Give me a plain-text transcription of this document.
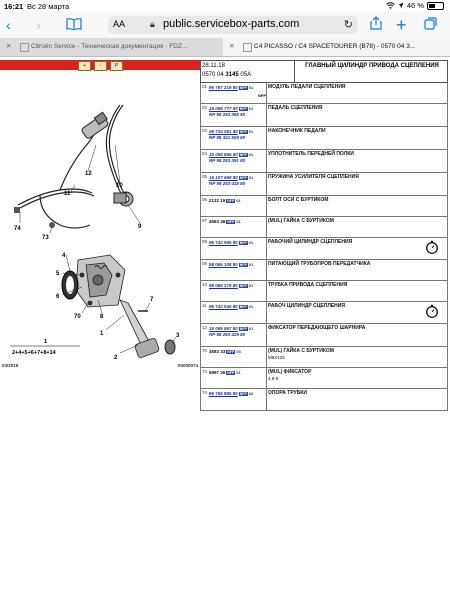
16:21 Вс 28 марта	46 %
‹ ›	AA	🔒︎ public.servicebox-parts.com	↻ +
✕	Citroën Service - Техническая документация - FDZ...	✕	C4 PICASSO / C4 SPACETOURER (B78) - 0570 04 3...
+	-	P
11
12
10
74
73
9
4
5
6
70	8
7
1
2
3
1
2+4+5+6+7+8+14
03/2016	00000074
28.11.18
0570 04 3145 05A
ГЛАВНЫЙ ЦИЛИНДР ПРИВОДА СЦЕПЛЕНИЯ
01 96 767 219 80 NFP 01
NFP
МОДУЛЬ ПЕДАЛИ СЦЕПЛЕНИЯ
02 16 096 777 80 NFP 01
RP 98 283 385 80
ПЕДАЛЬ СЦЕПЛЕНИЯ
03 96 734 061 80 NFP 01
RP 98 321 559 80
НАКОНЕЧНИК ПЕДАЛИ
04 16 095 866 80 NFP 01
RP 98 283 391 80
УПЛОТНИТЕЛЬ ПЕРЕДНЕЙ ПОЛКИ
05 16 107 668 80 NFP 01
RP 98 283 418 80
ПРУЖИНА УСИЛИТЕЛЯ СЦЕПЛЕНИЯ
06 2132 19 NFP 01	БОЛТ ОСИ С БУРТИКОМ
07 4583 36 NFP 01	(MUL) ГАЙКА С БУРТИКОМ
08 96 742 595 80 NFP 01	РАБОЧИЙ ЦИЛИНДР СЦЕПЛЕНИЯ
09 98 066 108 80 NFP 01	ПИТАЮЩИЙ ТРУБОПРОВ ПЕРЕДАТЧИКА
10 98 069 279 80 NFP 01	ТРУБКА ПРИВОДА СЦЕПЛЕНИЯ
11 96 742 545 80 NFP 01	РАБОЧ ЦИЛИНДР СЦЕПЛЕНИЯ
12 16 095 867 80 NFP 01
RP 98 283 429 80
ФИКСАТОР ПЕРЕДАЮЩЕГО ШАРНИРА
70 4583 33 NFP 03	(MUL) ГАЙКА С БУРТИКОМ
M8X125
73 6997 26 NFP 01	(MUL) ФИКСАТОР
4,8-6
74 96 756 895 80 NFP 02	ОПОРА ТРУБКИ
